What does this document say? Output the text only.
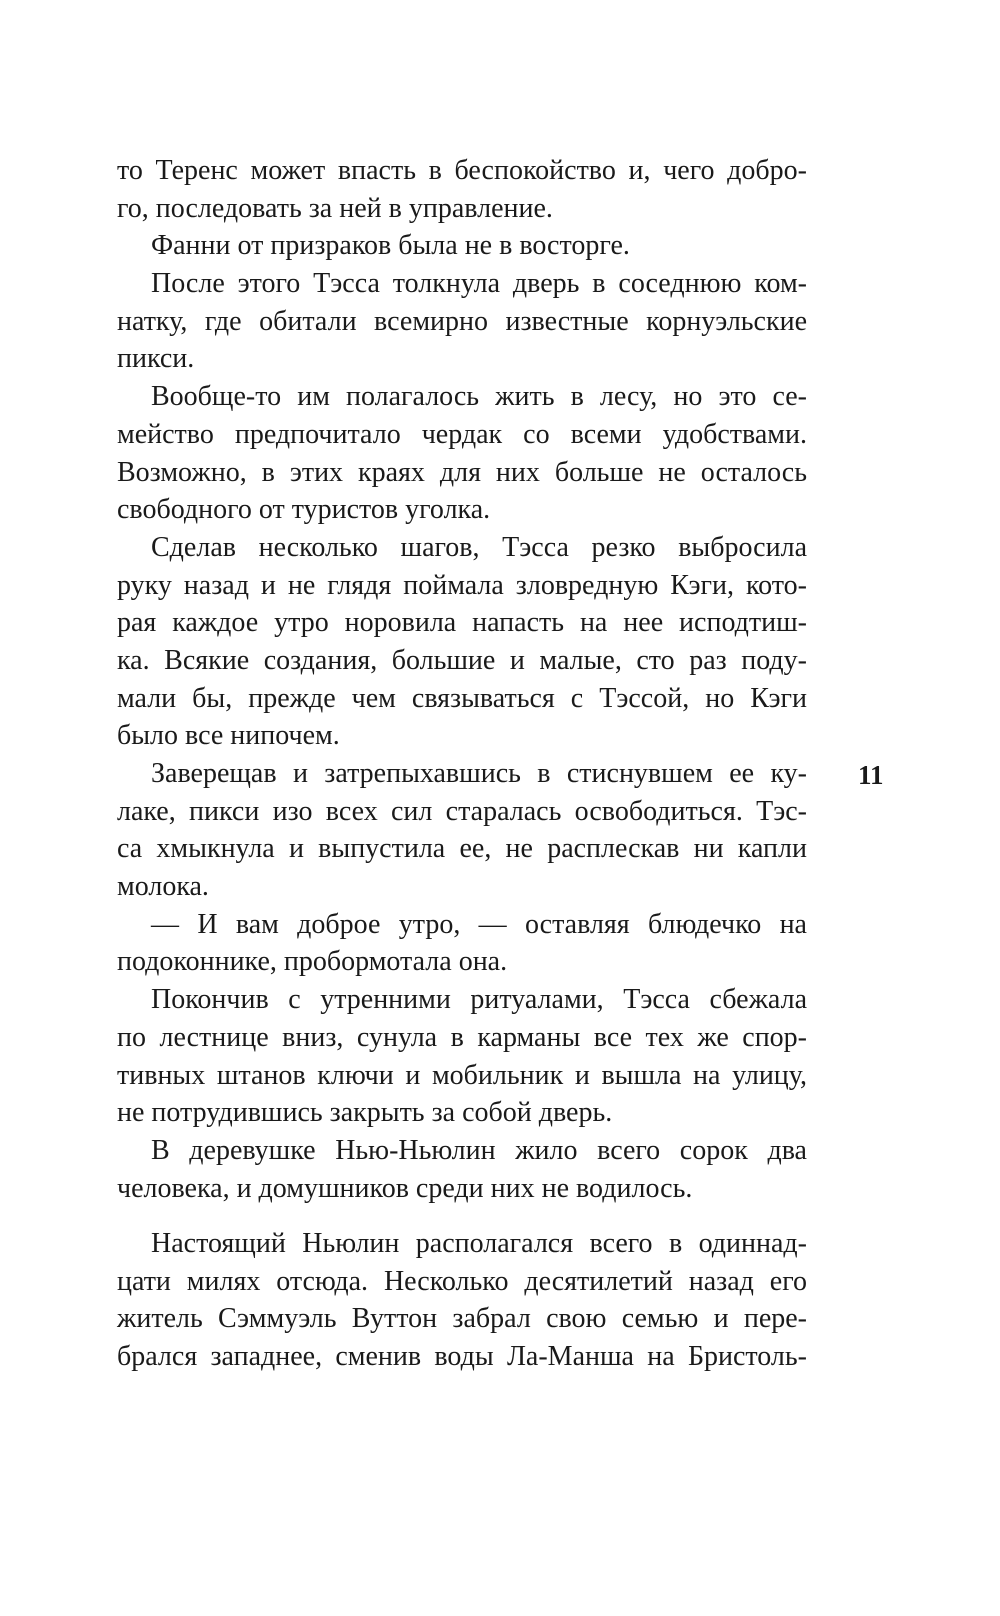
то Теренс может впасть в беспокойство и, чего добро-
го, последовать за ней в управление.
Фанни от призраков была не в восторге.
После этого Тэсса толкнула дверь в соседнюю ком-
натку, где обитали всемирно известные корнуэльские
пикси.
Вообще-то им полагалось жить в лесу, но это се-
мейство предпочитало чердак со всеми удобствами.
Возможно, в этих краях для них больше не осталось
свободного от туристов уголка.
Сделав несколько шагов, Тэсса резко выбросила
руку назад и не глядя поймала зловредную Кэги, кото-
рая каждое утро норовила напасть на нее исподтиш-
ка. Всякие создания, большие и малые, сто раз поду-
мали бы, прежде чем связываться с Тэссой, но Кэги
было все нипочем.
Заверещав и затрепыхавшись в стиснувшем ее ку-
лаке, пикси изо всех сил старалась освободиться. Тэс-
са хмыкнула и выпустила ее, не расплескав ни капли
молока.
— И вам доброе утро, — оставляя блюдечко на
подоконнике, пробормотала она.
Покончив с утренними ритуалами, Тэсса сбежала
по лестнице вниз, сунула в карманы все тех же спор-
тивных штанов ключи и мобильник и вышла на улицу,
не потрудившись закрыть за собой дверь.
В деревушке Нью-Ньюлин жило всего сорок два
человека, и домушников среди них не водилось.
11
Настоящий Ньюлин располагался всего в одиннад-
цати милях отсюда. Несколько десятилетий назад его
житель Сэммуэль Вуттон забрал свою семью и пере-
брался западнее, сменив воды Ла-Манша на Бристоль-
